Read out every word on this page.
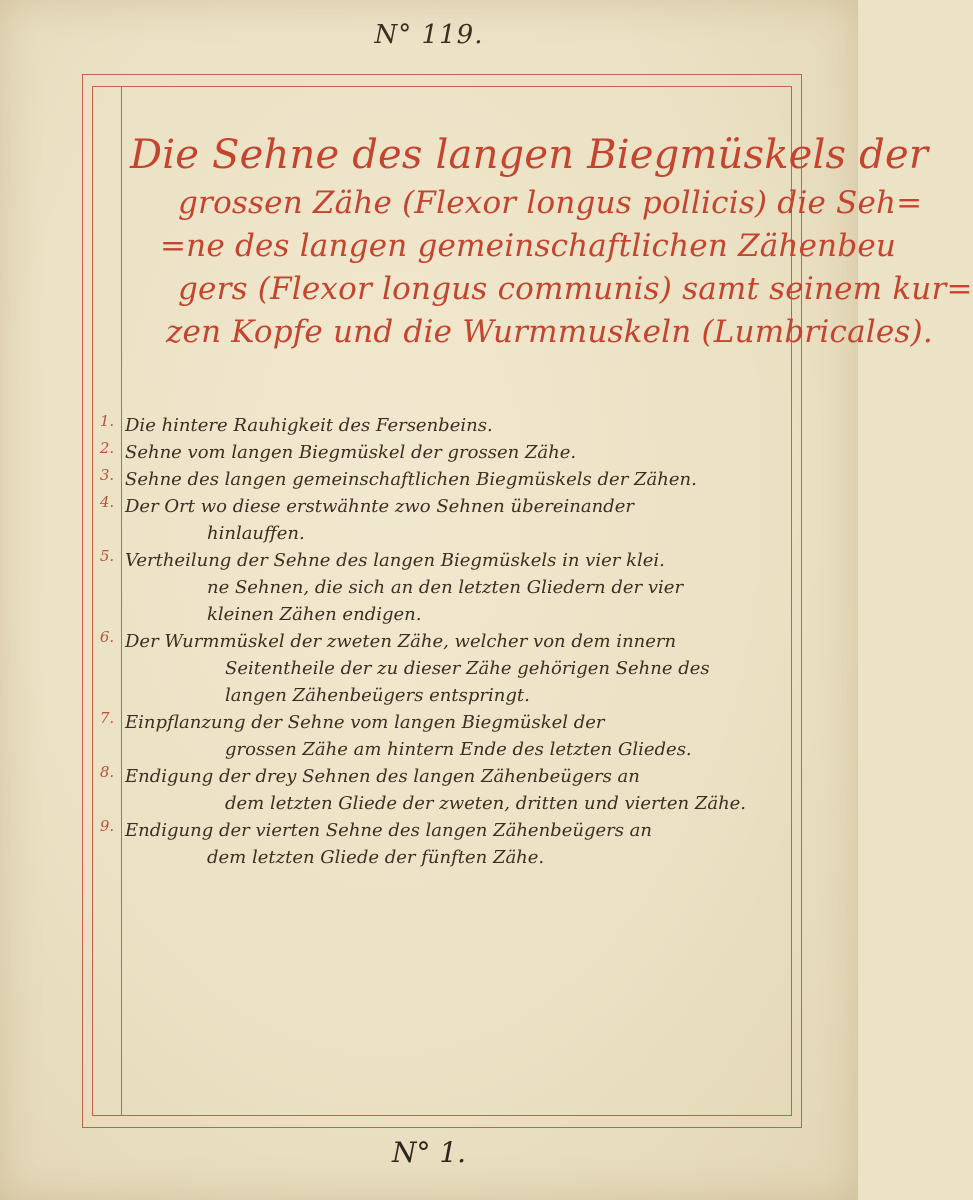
N° 119.
Die Sehne des langen Biegmüskels der
grossen Zähe (Flexor longus pollicis) die Seh=
=ne des langen gemeinschaftlichen Zähenbeu
gers (Flexor longus communis) samt seinem kur=
zen Kopfe und die Wurmmuskeln (Lumbricales).
1. Die hintere Rauhigkeit des Fersenbeins.
2. Sehne vom langen Biegmüskel der grossen Zähe.
3. Sehne des langen gemeinschaftlichen Biegmüskels der Zähen.
4. Der Ort wo diese erstwähnte zwo Sehnen übereinander
hinlauffen.
5. Vertheilung der Sehne des langen Biegmüskels in vier klei.
ne Sehnen, die sich an den letzten Gliedern der vier
kleinen Zähen endigen.
6. Der Wurmmüskel der zweten Zähe, welcher von dem innern
Seitentheile der zu dieser Zähe gehörigen Sehne des
langen Zähenbeügers entspringt.
7. Einpflanzung der Sehne vom langen Biegmüskel der
grossen Zähe am hintern Ende des letzten Gliedes.
8. Endigung der drey Sehnen des langen Zähenbeügers an
dem letzten Gliede der zweten, dritten und vierten Zähe.
9. Endigung der vierten Sehne des langen Zähenbeügers an
dem letzten Gliede der fünften Zähe.
N° 1.
